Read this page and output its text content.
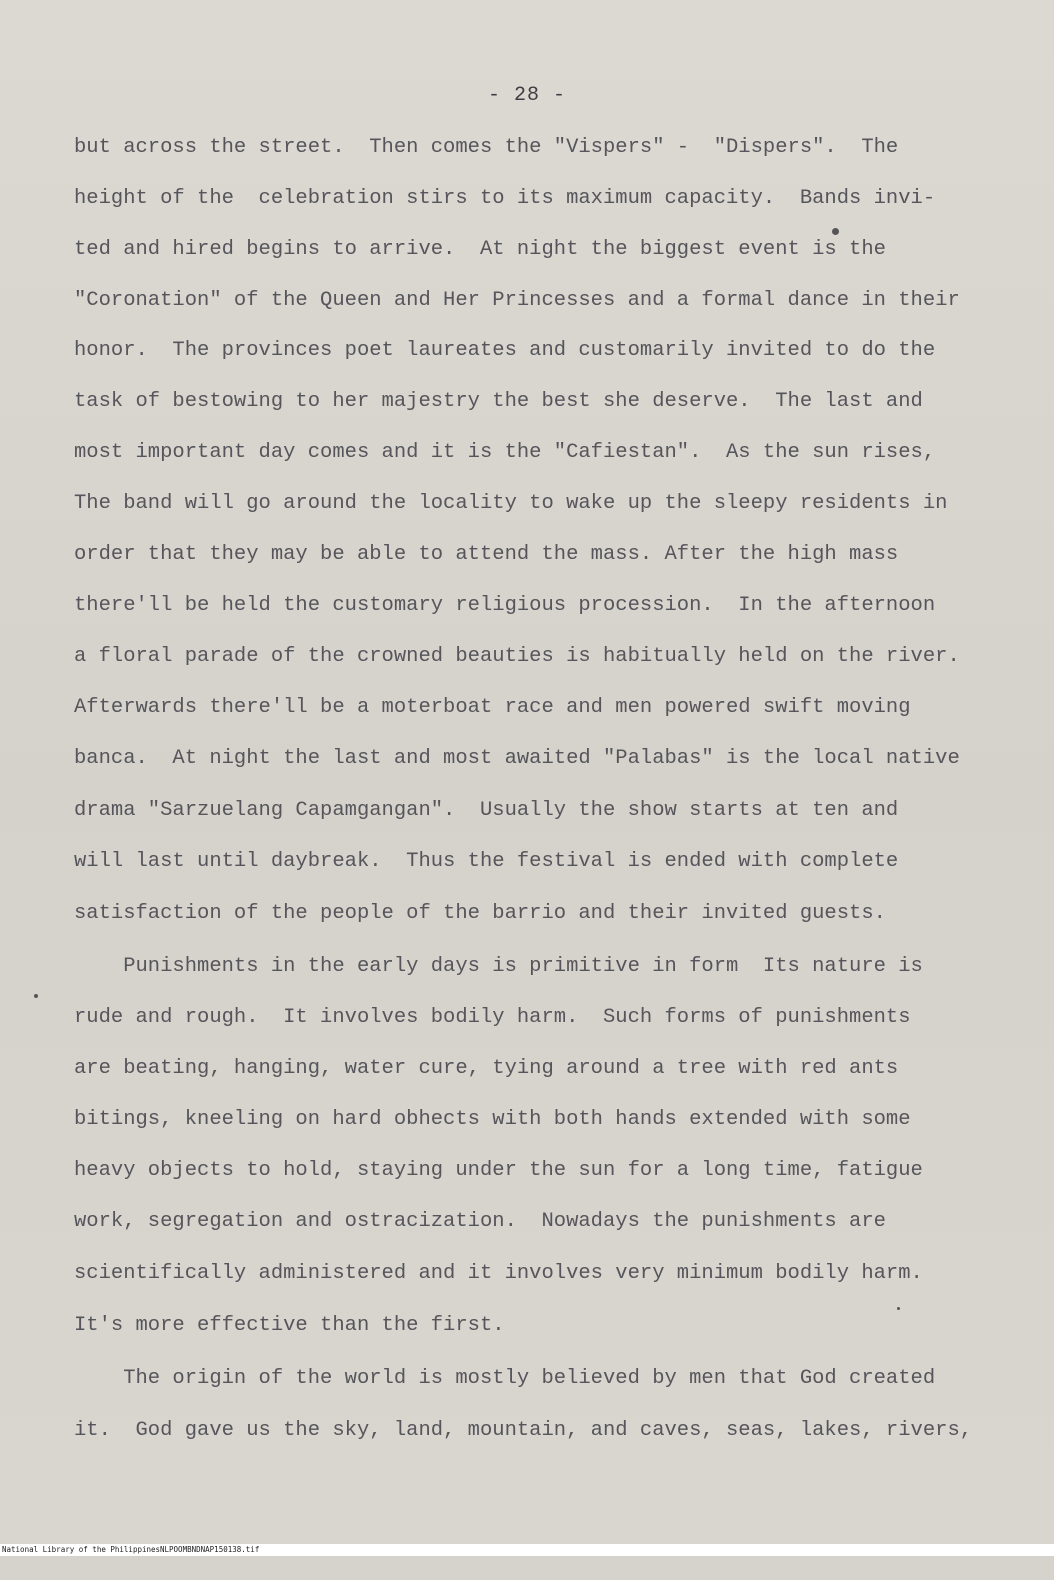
- 28 -
but across the street.  Then comes the "Vispers" -  "Dispers".  The
height of the  celebration stirs to its maximum capacity.  Bands invi-
ted and hired begins to arrive.  At night the biggest event is the
"Coronation" of the Queen and Her Princesses and a formal dance in their
honor.  The provinces poet laureates and customarily invited to do the
task of bestowing to her majestry the best she deserve.  The last and
most important day comes and it is the "Cafiestan".  As the sun rises,
The band will go around the locality to wake up the sleepy residents in
order that they may be able to attend the mass. After the high mass
there'll be held the customary religious procession.  In the afternoon
a floral parade of the crowned beauties is habitually held on the river.
Afterwards there'll be a moterboat race and men powered swift moving
banca.  At night the last and most awaited "Palabas" is the local native
drama "Sarzuelang Capamgangan".  Usually the show starts at ten and
will last until daybreak.  Thus the festival is ended with complete
satisfaction of the people of the barrio and their invited guests.
Punishments in the early days is primitive in form  Its nature is
rude and rough.  It involves bodily harm.  Such forms of punishments
are beating, hanging, water cure, tying around a tree with red ants
bitings, kneeling on hard obhects with both hands extended with some
heavy objects to hold, staying under the sun for a long time, fatigue
work, segregation and ostracization.  Nowadays the punishments are
scientifically administered and it involves very minimum bodily harm.
It's more effective than the first.
The origin of the world is mostly believed by men that God created
it.  God gave us the sky, land, mountain, and caves, seas, lakes, rivers,

National Library of the Philippines

NLPOOMBNDNAP150138.tif
